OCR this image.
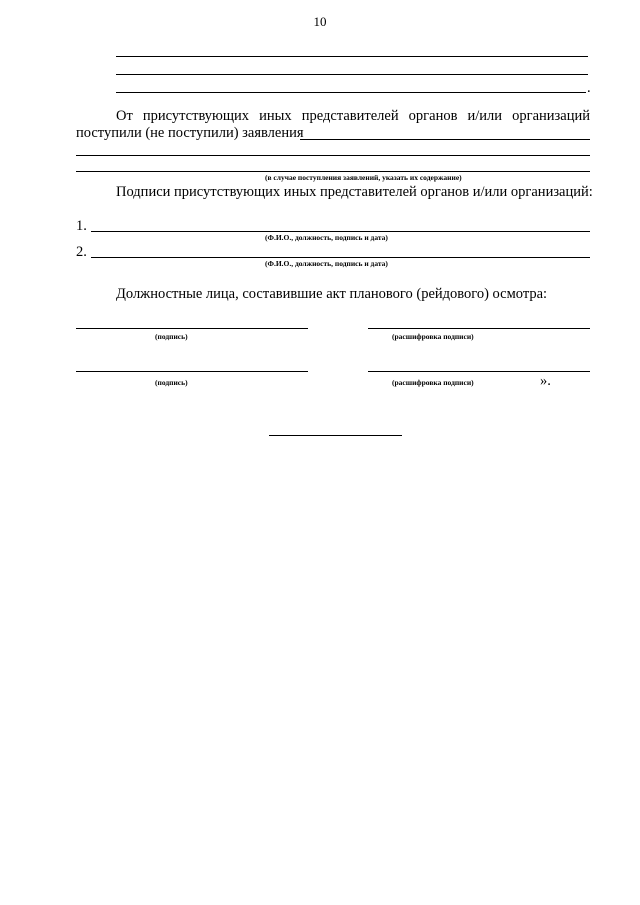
10
.
От присутствующих иных представителей органов и/или организаций
поступили (не поступили) заявления
(в случае поступления заявлений, указать их содержание)
Подписи присутствующих иных представителей органов и/или организаций:
1.
(Ф.И.О., должность, подпись и дата)
2.
(Ф.И.О., должность, подпись и дата)
Должностные лица, составившие акт планового (рейдового) осмотра:
(подпись)	(расшифровка подписи)
(подпись)	(расшифровка подписи)	».
